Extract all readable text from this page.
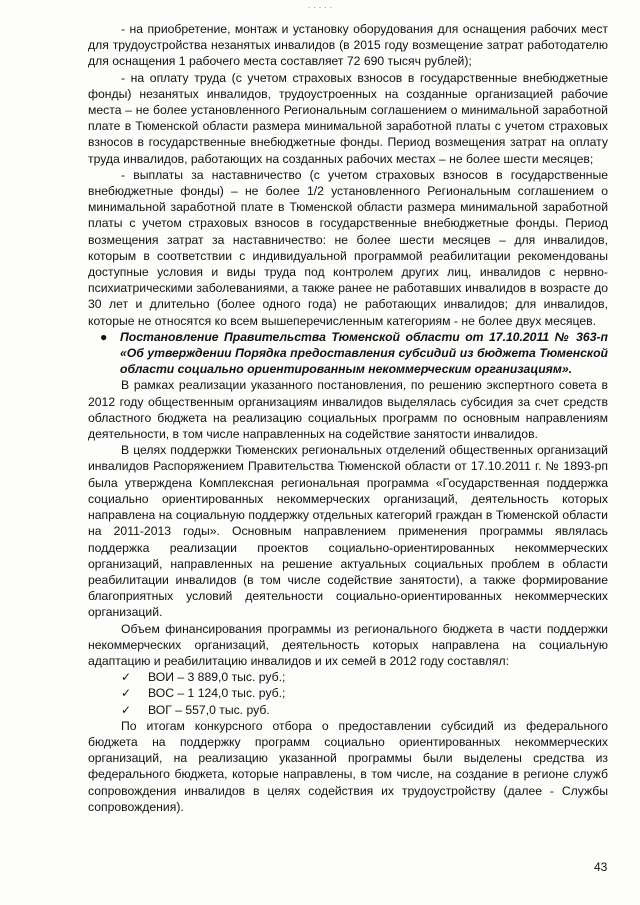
· · · · ·

- на приобретение, монтаж и установку оборудования для оснащения рабочих мест для трудоустройства незанятых инвалидов (в 2015 году возмещение затрат работодателю для оснащения 1 рабочего места составляет 72 690 тысяч рублей);

- на оплату труда (с учетом страховых взносов в государственные внебюджетные фонды) незанятых инвалидов, трудоустроенных на созданные организацией рабочие места – не более установленного Региональным соглашением о минимальной заработной плате в Тюменской области размера минимальной заработной платы с учетом страховых взносов в государственные внебюджетные фонды. Период возмещения затрат на оплату труда инвалидов, работающих на созданных рабочих местах – не более шести месяцев;

- выплаты за наставничество (с учетом страховых взносов в государственные внебюджетные фонды) – не более 1/2 установленного Региональным соглашением о минимальной заработной плате в Тюменской области размера минимальной заработной платы с учетом страховых взносов в государственные внебюджетные фонды. Период возмещения затрат за наставничество: не более шести месяцев – для инвалидов, которым в соответствии с индивидуальной программой реабилитации рекомендованы доступные условия и виды труда под контролем других лиц, инвалидов с нервно-психиатрическими заболеваниями, а также ранее не работавших инвалидов в возрасте до 30 лет и длительно (более одного года) не работающих инвалидов; для инвалидов, которые не относятся ко всем вышеперечисленным категориям - не более двух месяцев.

● Постановление Правительства Тюменской области от 17.10.2011 № 363-п «Об утверждении Порядка предоставления субсидий из бюджета Тюменской области социально ориентированным некоммерческим организациям».

В рамках реализации указанного постановления, по решению экспертного совета в 2012 году общественным организациям инвалидов выделялась субсидия за счет средств областного бюджета на реализацию социальных программ по основным направлениям деятельности, в том числе направленных на содействие занятости инвалидов.

В целях поддержки Тюменских региональных отделений общественных организаций инвалидов Распоряжением Правительства Тюменской области от 17.10.2011 г. № 1893-рп была утверждена Комплексная региональная программа «Государственная поддержка социально ориентированных некоммерческих организаций, деятельность которых направлена на социальную поддержку отдельных категорий граждан в Тюменской области на 2011-2013 годы». Основным направлением применения программы являлась поддержка реализации проектов социально-ориентированных некоммерческих организаций, направленных на решение актуальных социальных проблем в области реабилитации инвалидов (в том числе содействие занятости), а также формирование благоприятных условий деятельности социально-ориентированных некоммерческих организаций.

Объем финансирования программы из регионального бюджета в части поддержки некоммерческих организаций, деятельность которых направлена на социальную адаптацию и реабилитацию инвалидов и их семей в 2012 году составлял:

✓ ВОИ – 3 889,0 тыс. руб.;
✓ ВОС – 1 124,0 тыс. руб.;
✓ ВОГ – 557,0 тыс. руб.

По итогам конкурсного отбора о предоставлении субсидий из федерального бюджета на поддержку программ социально ориентированных некоммерческих организаций, на реализацию указанной программы были выделены средства из федерального бюджета, которые направлены, в том числе, на создание в регионе служб сопровождения инвалидов в целях содействия их трудоустройству (далее - Службы сопровождения).

43
